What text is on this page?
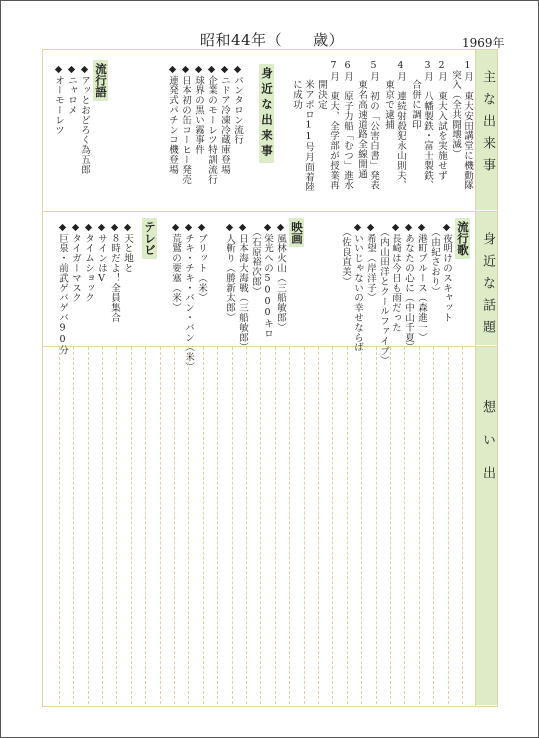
昭和44年（　　歳）	1969年
主な出来事
身近な話題
想い出
1月　東大安田講堂に機動隊
　突入（全共闘壊滅）
2月　東大入試を実施せず
3月　八幡製鉄・富士製鉄、
　　合併に調印
4月　連続射殺犯永山則夫、
　　東京で逮捕
5月　初の「公害白書」発表
　　東名高速道路全線開通
6月　原子力船「むつ」進水
7月　東大、全学部が授業再
　　開決定
　　米アポロ11号月面着陸
　　に成功
身近な出来事
◆パンタロン流行
◆ニドア冷凍冷蔵庫登場
◆企業のモーレツ特訓流行
◆球界の黒い霧事件
◆日本初の缶コーヒー発売
◆連発式パチンコ機登場
流行語
◆アッとおどろく為五郎
◆ニャロメ
◆オーモーレツ
流行歌
◆夜明けのスキャット
　（由紀さおり）
◆港町ブルース（森進一）
◆あなたの心に（中山千夏）
◆長崎は今日も雨だった
　（内山田洋とクールファイブ）
◆希望（岸洋子）
◆いいじゃないの幸せならば
　（佐良直美）
映画
◆風林火山（三船敏郎）
◆栄光への5000キロ
　（石原裕次郎）
◆日本海大海戦（三船敏郎）
◆人斬り（勝新太郎）
◆ブリット（米）
◆チキ・チキ・バン・バン（米）
◆荒鷲の要塞（米）
テレビ
◆天と地と
◆８時だよ！全員集合
◆サインはV
◆タイムショック
◆タイガーマスク
◆巨泉・前武ゲバゲバ90分
